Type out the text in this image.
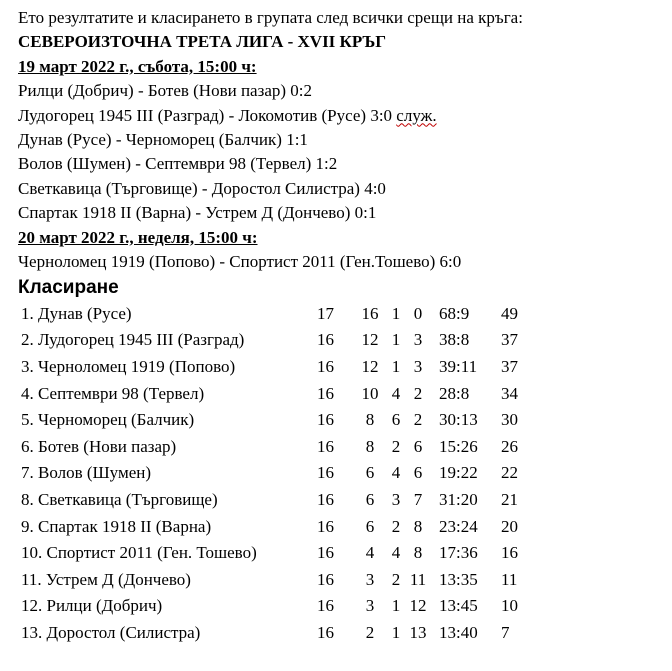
Ето резултатите и класирането в групата след всички срещи на кръга:
СЕВЕРОИЗТОЧНА ТРЕТА ЛИГА - XVII КРЪГ
19 март 2022 г., събота, 15:00 ч:
Рилци (Добрич) - Ботев (Нови пазар) 0:2
Лудогорец 1945 III (Разград) - Локомотив (Русе) 3:0 служ.
Дунав (Русе) - Черноморец (Балчик) 1:1
Волов (Шумен) - Септември 98 (Тервел) 1:2
Светкавица (Търговище) - Доростол Силистра) 4:0
Спартак 1918 II (Варна) - Устрем Д (Дончево) 0:1
20 март 2022 г., неделя, 15:00 ч:
Черноломец 1919 (Попово) - Спортист 2011 (Ген.Тошево) 6:0
Класиране
1. Дунав (Русе)	17	16	1	0	68:9	49
2. Лудогорец 1945 III (Разград)	16	12	1	3	38:8	37
3. Черноломец 1919 (Попово)	16	12	1	3	39:11	37
4. Септември 98 (Тервел)	16	10	4	2	28:8	34
5. Черноморец (Балчик)	16	8	6	2	30:13	30
6. Ботев (Нови пазар)	16	8	2	6	15:26	26
7. Волов (Шумен)	16	6	4	6	19:22	22
8. Светкавица (Търговище)	16	6	3	7	31:20	21
9. Спартак 1918 II (Варна)	16	6	2	8	23:24	20
10. Спортист 2011 (Ген. Тошево)	16	4	4	8	17:36	16
11. Устрем Д (Дончево)	16	3	2	11	13:35	11
12. Рилци (Добрич)	16	3	1	12	13:45	10
13. Доростол (Силистра)	16	2	1	13	13:40	7
